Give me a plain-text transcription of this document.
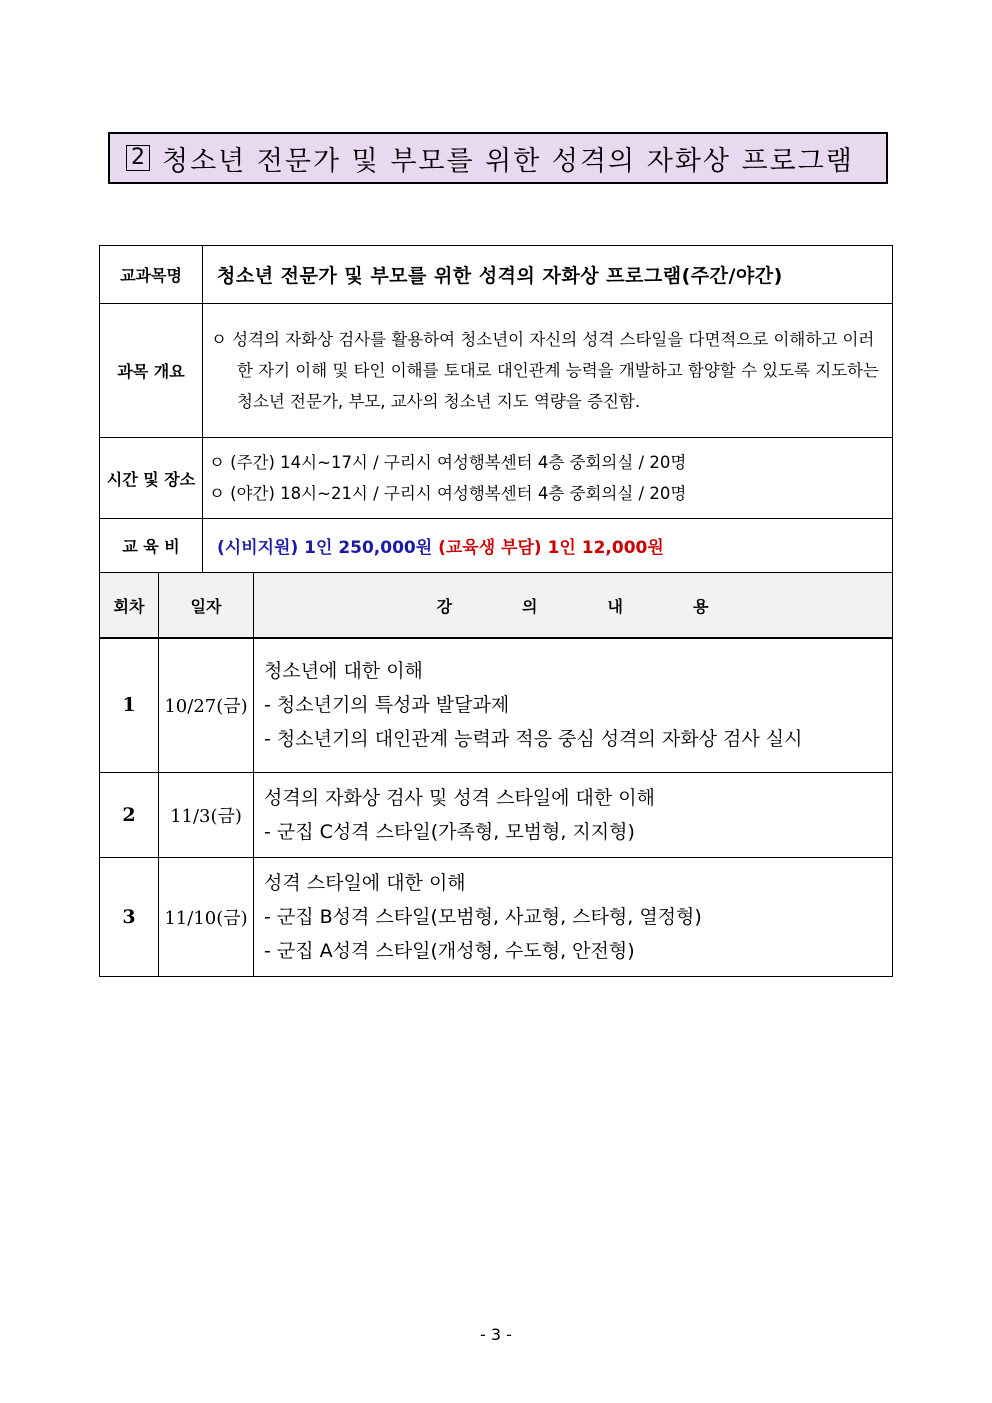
2 청소년 전문가 및 부모를 위한 성격의 자화상 프로그램
교과목명	청소년 전문가 및 부모를 위한 성격의 자화상 프로그램(주간/야간)
과목 개요	ㅇ 성격의 자화상 검사를 활용하여 청소년이 자신의 성격 스타일을 다면적으로 이해하고 이러한 자기 이해 및 타인 이해를 토대로 대인관계 능력을 개발하고 함양할 수 있도록 지도하는 청소년 전문가, 부모, 교사의 청소년 지도 역량을 증진함.

시간 및 장소	ㅇ (주간) 14시~17시 / 구리시 여성행복센터 4층 중회의실 / 20명
ㅇ (야간) 18시~21시 / 구리시 여성행복센터 4층 중회의실 / 20명

교 육 비	(시비지원) 1인 250,000원 (교육생 부담) 1인 12,000원
회차	일자	강의내용
1	10/27(금)	청소년에 대한 이해
- 청소년기의 특성과 발달과제
- 청소년기의 대인관계 능력과 적응 중심 성격의 자화상 검사 실시

2	11/3(금)	성격의 자화상 검사 및 성격 스타일에 대한 이해
- 군집 C성격 스타일(가족형, 모범형, 지지형)

3	11/10(금)	성격 스타일에 대한 이해
- 군집 B성격 스타일(모범형, 사교형, 스타형, 열정형)
- 군집 A성격 스타일(개성형, 수도형, 안전형)
- 3 -
